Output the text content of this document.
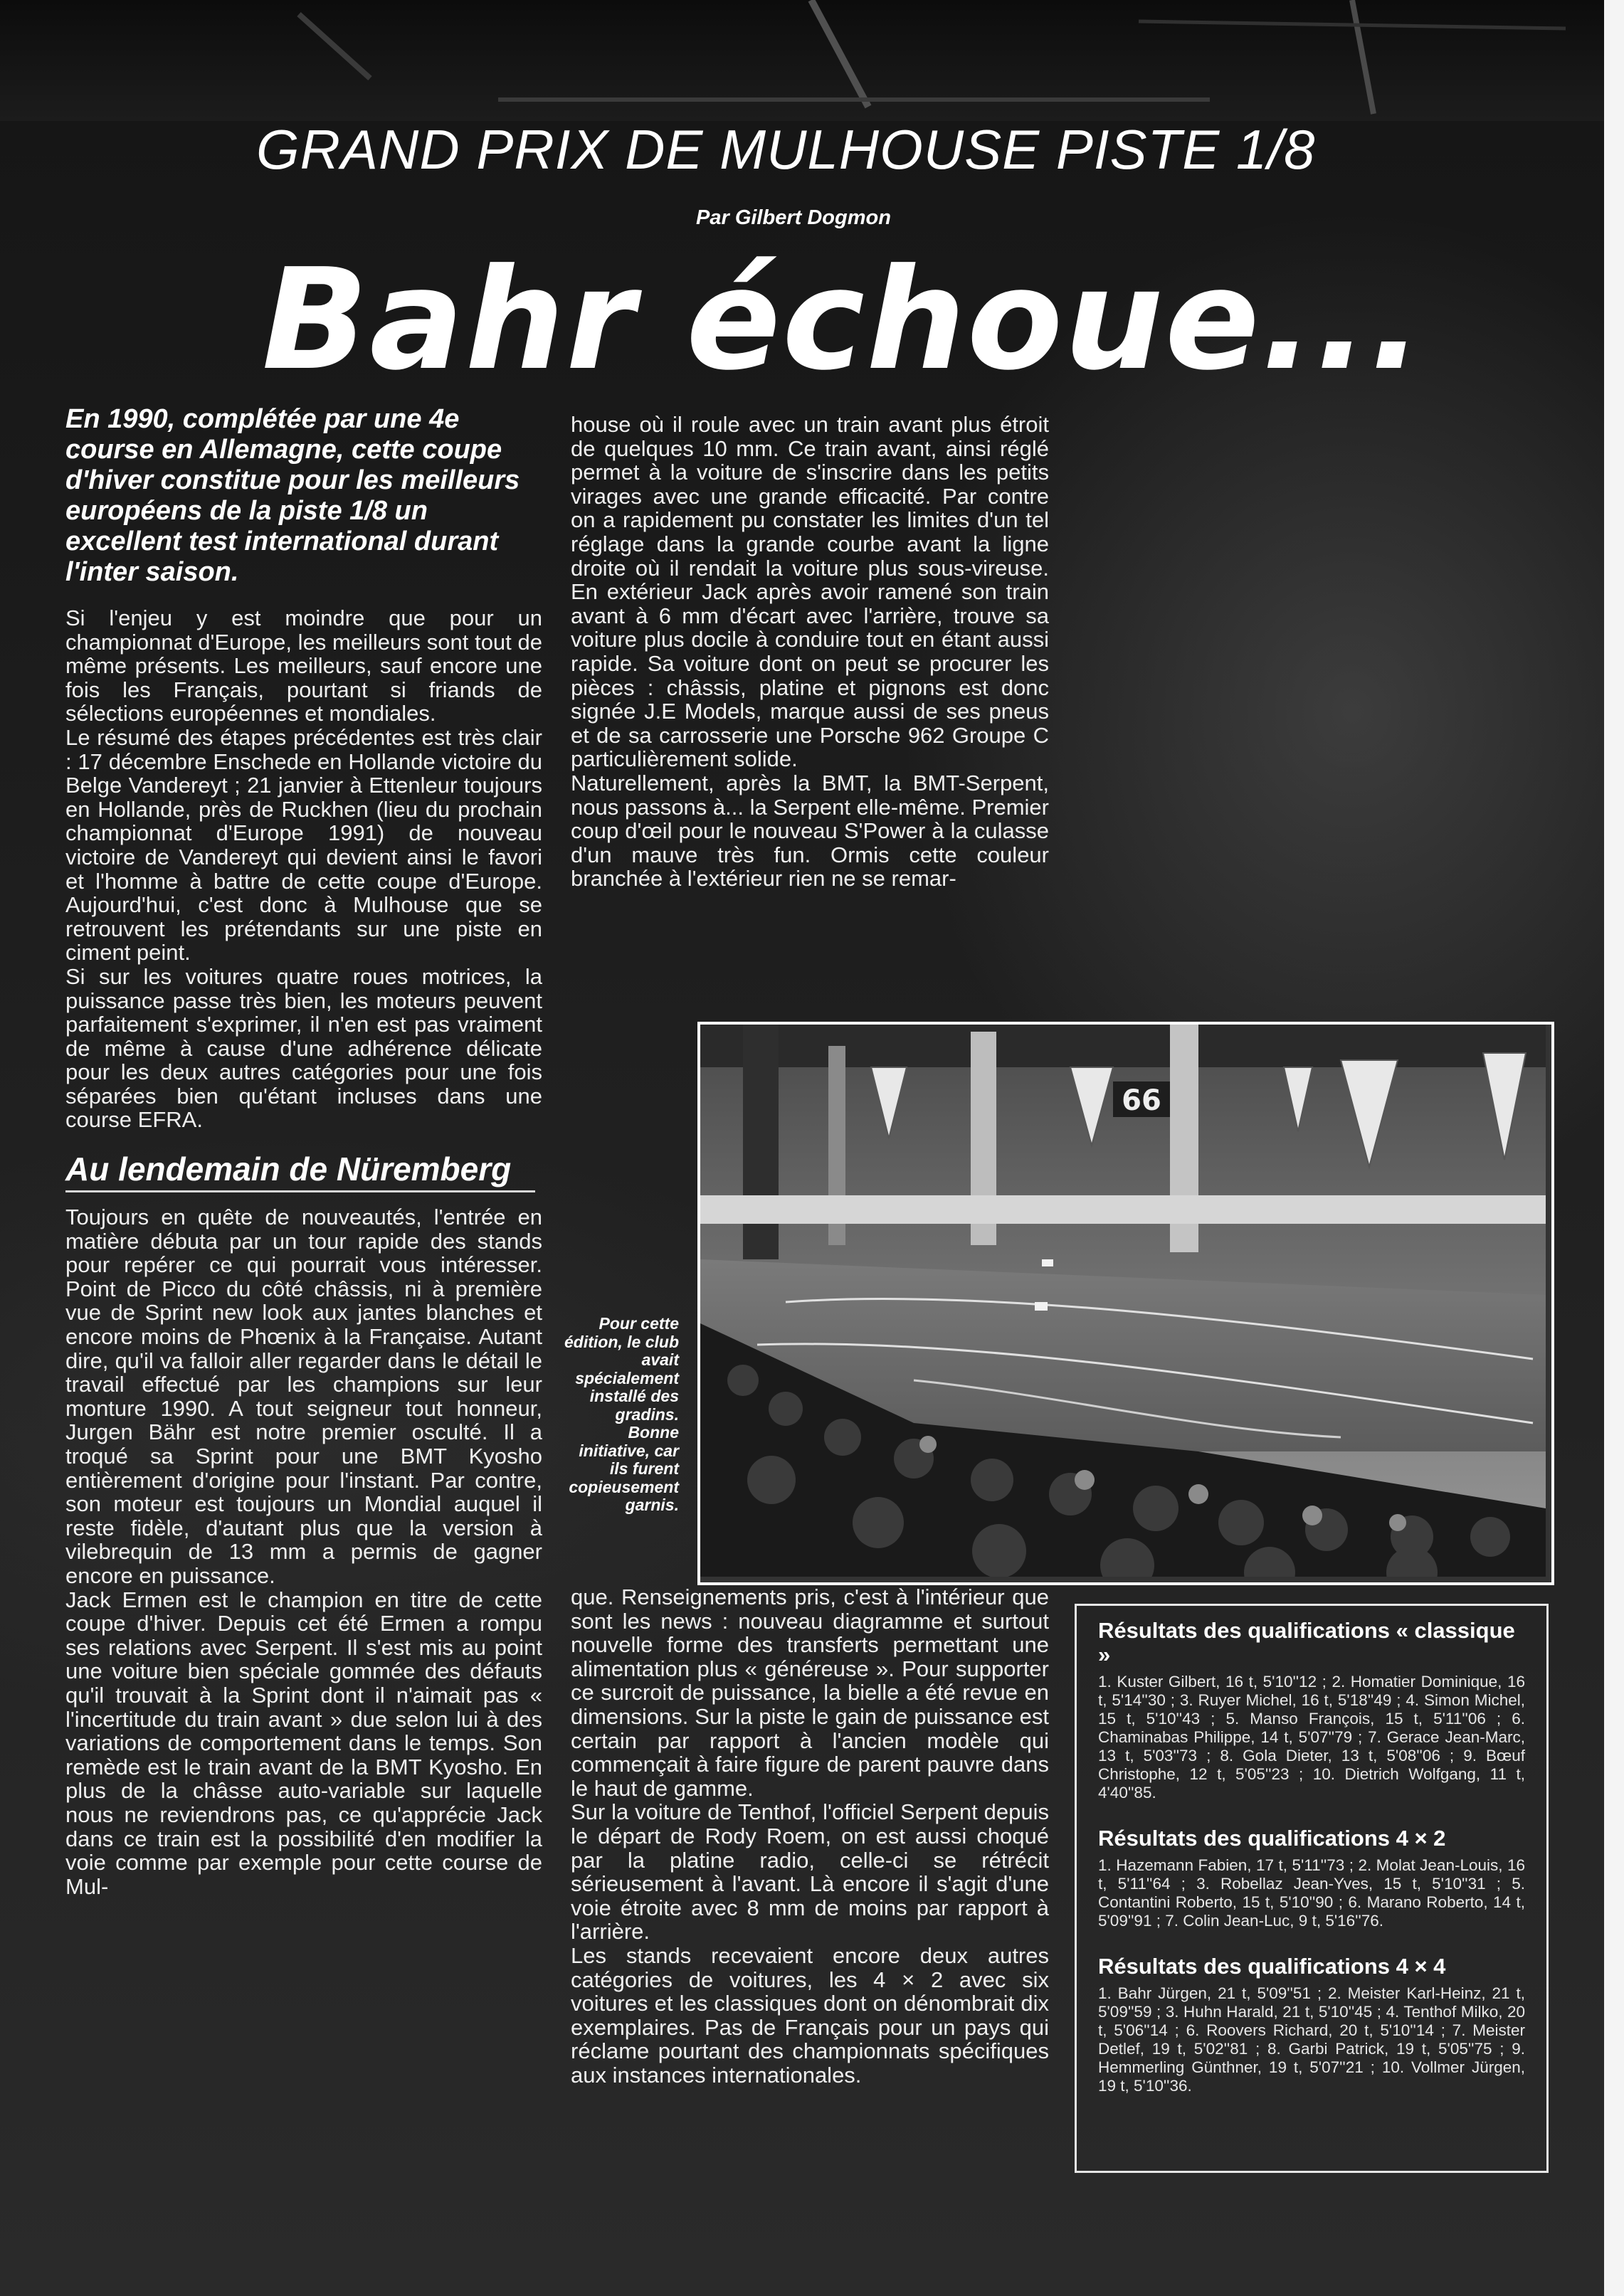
GRAND PRIX DE MULHOUSE PISTE 1/8
Par Gilbert Dogmon
Bahr échoue...

En 1990, complétée par une 4e course en Allemagne, cette coupe d'hiver constitue pour les meilleurs européens de la piste 1/8 un excellent test international durant l'inter saison.

Si l'enjeu y est moindre que pour un championnat d'Europe, les meilleurs sont tout de même présents. Les meilleurs, sauf encore une fois les Français, pourtant si friands de sélections européennes et mondiales.

Le résumé des étapes précédentes est très clair : 17 décembre Enschede en Hollande victoire du Belge Vandereyt ; 21 janvier à Ettenleur toujours en Hollande, près de Ruckhen (lieu du prochain championnat d'Europe 1991) de nouveau victoire de Vandereyt qui devient ainsi le favori et l'homme à battre de cette coupe d'Europe. Aujourd'hui, c'est donc à Mulhouse que se retrouvent les prétendants sur une piste en ciment peint.

Si sur les voitures quatre roues motrices, la puissance passe très bien, les moteurs peuvent parfaitement s'exprimer, il n'en est pas vraiment de même à cause d'une adhérence délicate pour les deux autres catégories pour une fois séparées bien qu'étant incluses dans une course EFRA.

Au lendemain de Nüremberg

Toujours en quête de nouveautés, l'entrée en matière débuta par un tour rapide des stands pour repérer ce qui pourrait vous intéresser. Point de Picco du côté châssis, ni à première vue de Sprint new look aux jantes blanches et encore moins de Phœnix à la Française. Autant dire, qu'il va falloir aller regarder dans le détail le travail effectué par les champions sur leur monture 1990. A tout seigneur tout honneur, Jurgen Bähr est notre premier osculté. Il a troqué sa Sprint pour une BMT Kyosho entièrement d'origine pour l'instant. Par contre, son moteur est toujours un Mondial auquel il reste fidèle, d'autant plus que la version à vilebrequin de 13 mm a permis de gagner encore en puissance.

Jack Ermen est le champion en titre de cette coupe d'hiver. Depuis cet été Ermen a rompu ses relations avec Serpent. Il s'est mis au point une voiture bien spéciale gommée des défauts qu'il trouvait à la Sprint dont il n'aimait pas « l'incertitude du train avant » due selon lui à des variations de comportement dans le temps. Son remède est le train avant de la BMT Kyosho. En plus de la châsse auto-variable sur laquelle nous ne reviendrons pas, ce qu'apprécie Jack dans ce train est la possibilité d'en modifier la voie comme par exemple pour cette course de Mul-

house où il roule avec un train avant plus étroit de quelques 10 mm. Ce train avant, ainsi réglé permet à la voiture de s'inscrire dans les petits virages avec une grande efficacité. Par contre on a rapidement pu constater les limites d'un tel réglage dans la grande courbe avant la ligne droite où il rendait la voiture plus sous-vireuse. En extérieur Jack après avoir ramené son train avant à 6 mm d'écart avec l'arrière, trouve sa voiture plus docile à conduire tout en étant aussi rapide. Sa voiture dont on peut se procurer les pièces : châssis, platine et pignons est donc signée J.E Models, marque aussi de ses pneus et de sa carrosserie une Porsche 962 Groupe C particulièrement solide.

Naturellement, après la BMT, la BMT-Serpent, nous passons à... la Serpent elle-même. Premier coup d'œil pour le nouveau S'Power à la culasse d'un mauve très fun. Ormis cette couleur branchée à l'extérieur rien ne se remar-

66
Pour cette édition, le club avait spécialement installé des gradins. Bonne initiative, car ils furent copieusement garnis.

que. Renseignements pris, c'est à l'intérieur que sont les news : nouveau diagramme et surtout nouvelle forme des transferts permettant une alimentation plus « généreuse ». Pour supporter ce surcroit de puissance, la bielle a été revue en dimensions. Sur la piste le gain de puissance est certain par rapport à l'ancien modèle qui commençait à faire figure de parent pauvre dans le haut de gamme.

Sur la voiture de Tenthof, l'officiel Serpent depuis le départ de Rody Roem, on est aussi choqué par la platine radio, celle-ci se rétrécit sérieusement à l'avant. Là encore il s'agit d'une voie étroite avec 8 mm de moins par rapport à l'arrière.

Les stands recevaient encore deux autres catégories de voitures, les 4 × 2 avec six voitures et les classiques dont on dénombrait dix exemplaires. Pas de Français pour un pays qui réclame pourtant des championnats spécifiques aux instances internationales.

Résultats des qualifications « classique »
1. Kuster Gilbert, 16 t, 5'10''12 ; 2. Homatier Dominique, 16 t, 5'14''30 ; 3. Ruyer Michel, 16 t, 5'18''49 ; 4. Simon Michel, 15 t, 5'10''43 ; 5. Manso François, 15 t, 5'11''06 ; 6. Chaminabas Philippe, 14 t, 5'07''79 ; 7. Gerace Jean-Marc, 13 t, 5'03''73 ; 8. Gola Dieter, 13 t, 5'08''06 ; 9. Bœuf Christophe, 12 t, 5'05''23 ; 10. Dietrich Wolfgang, 11 t, 4'40''85.
Résultats des qualifications 4 × 2
1. Hazemann Fabien, 17 t, 5'11''73 ; 2. Molat Jean-Louis, 16 t, 5'11''64 ; 3. Robellaz Jean-Yves, 15 t, 5'10''31 ; 5. Contantini Roberto, 15 t, 5'10''90 ; 6. Marano Roberto, 14 t, 5'09''91 ; 7. Colin Jean-Luc, 9 t, 5'16''76.
Résultats des qualifications 4 × 4
1. Bahr Jürgen, 21 t, 5'09''51 ; 2. Meister Karl-Heinz, 21 t, 5'09''59 ; 3. Huhn Harald, 21 t, 5'10''45 ; 4. Tenthof Milko, 20 t, 5'06''14 ; 6. Roovers Richard, 20 t, 5'10''14 ; 7. Meister Detlef, 19 t, 5'02''81 ; 8. Garbi Patrick, 19 t, 5'05''75 ; 9. Hemmerling Günthner, 19 t, 5'07''21 ; 10. Vollmer Jürgen, 19 t, 5'10''36.
